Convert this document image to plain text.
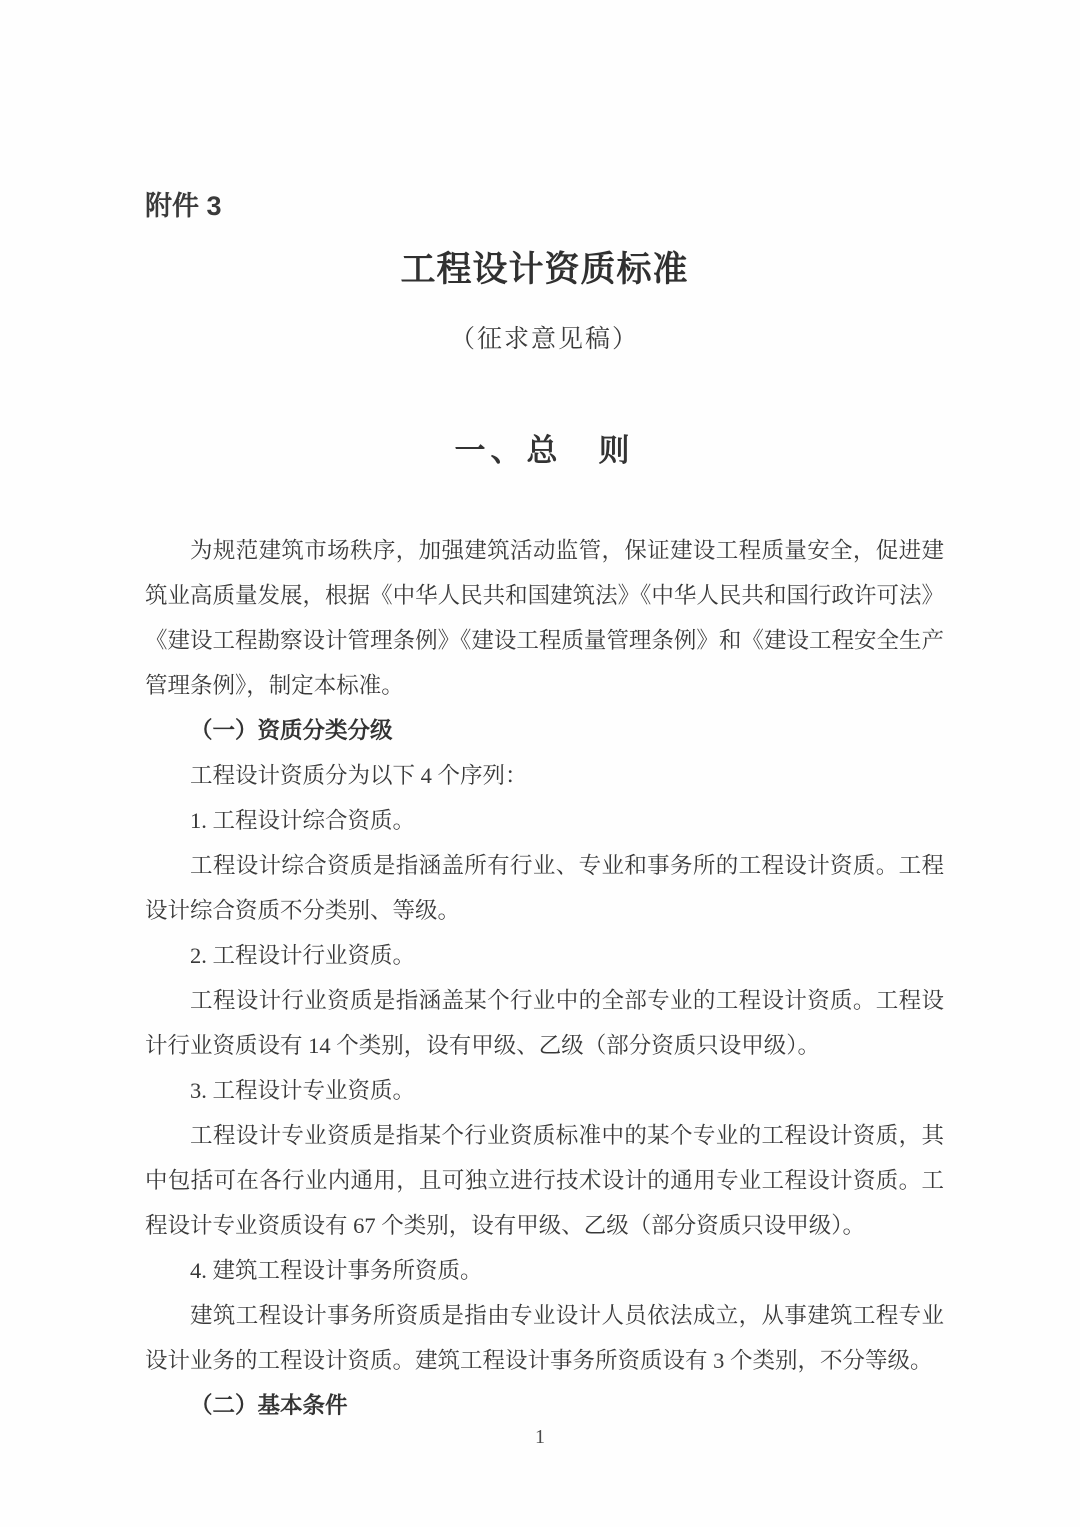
附件 3
工程设计资质标准
（征求意见稿）
一、总　则

为规范建筑市场秩序，加强建筑活动监管，保证建设工程质量安全，促进建筑业高质量发展，根据《中华人民共和国建筑法》《中华人民共和国行政许可法》《建设工程勘察设计管理条例》《建设工程质量管理条例》和《建设工程安全生产管理条例》，制定本标准。

（一）资质分类分级

工程设计资质分为以下 4 个序列：

1. 工程设计综合资质。

工程设计综合资质是指涵盖所有行业、专业和事务所的工程设计资质。工程设计综合资质不分类别、等级。

2. 工程设计行业资质。

工程设计行业资质是指涵盖某个行业中的全部专业的工程设计资质。工程设计行业资质设有 14 个类别，设有甲级、乙级（部分资质只设甲级）。

3. 工程设计专业资质。

工程设计专业资质是指某个行业资质标准中的某个专业的工程设计资质，其中包括可在各行业内通用，且可独立进行技术设计的通用专业工程设计资质。工程设计专业资质设有 67 个类别，设有甲级、乙级（部分资质只设甲级）。

4. 建筑工程设计事务所资质。

建筑工程设计事务所资质是指由专业设计人员依法成立，从事建筑工程专业设计业务的工程设计资质。建筑工程设计事务所资质设有 3 个类别，不分等级。

（二）基本条件

1
